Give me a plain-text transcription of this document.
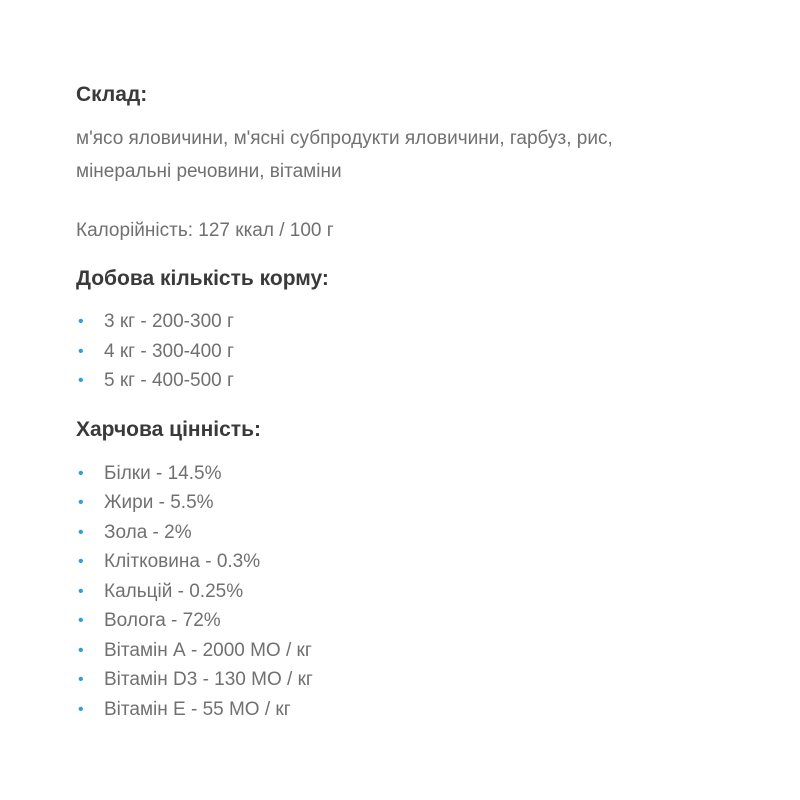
Склад:

м'ясо яловичини, м'ясні субпродукти яловичини, гарбуз, рис,
мінеральні речовини, вітаміни

Калорійність: 127 ккал / 100 г

Добова кількість корму:
• 3 кг - 200-300 г
• 4 кг - 300-400 г
• 5 кг - 400-500 г
Харчова цінність:
• Білки - 14.5%
• Жири - 5.5%
• Зола - 2%
• Клітковина - 0.3%
• Кальцій - 0.25%
• Волога - 72%
• Вітамін А - 2000 МО / кг
• Вітамін D3 - 130 МО / кг
• Вітамін Е - 55 МО / кг
